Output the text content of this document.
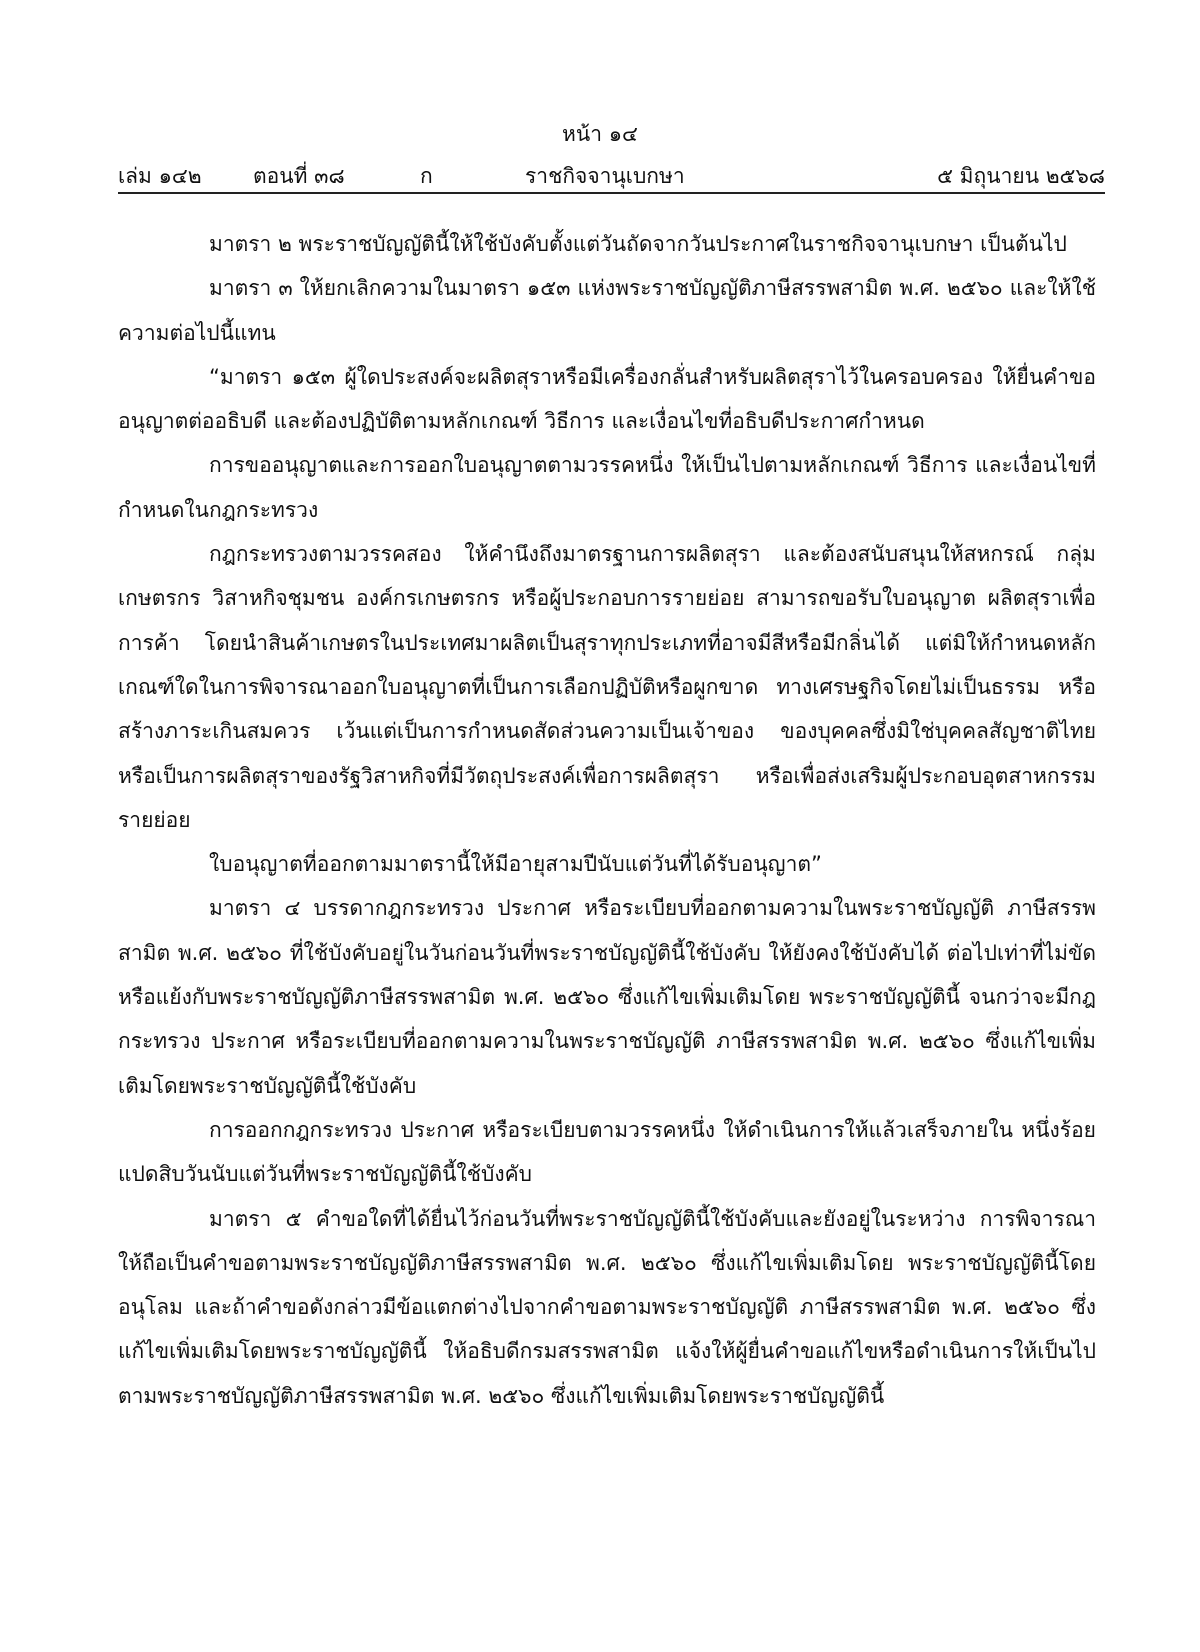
หน้า ๑๔
เล่ม ๑๔๒ ตอนที่ ๓๘	ก	ราชกิจจานุเบกษา	๕ มิถุนายน ๒๕๖๘

มาตรา ๒ พระราชบัญญัตินี้ให้ใช้บังคับตั้งแต่วันถัดจากวันประกาศในราชกิจจานุเบกษา เป็นต้นไป

มาตรา ๓ ให้ยกเลิกความในมาตรา ๑๕๓ แห่งพระราชบัญญัติภาษีสรรพสามิต พ.ศ. ๒๕๖๐ และให้ใช้ความต่อไปนี้แทน

“มาตรา ๑๕๓ ผู้ใดประสงค์จะผลิตสุราหรือมีเครื่องกลั่นสำหรับผลิตสุราไว้ในครอบครอง ให้ยื่นคำขออนุญาตต่ออธิบดี และต้องปฏิบัติตามหลักเกณฑ์ วิธีการ และเงื่อนไขที่อธิบดีประกาศกำหนด

การขออนุญาตและการออกใบอนุญาตตามวรรคหนึ่ง ให้เป็นไปตามหลักเกณฑ์ วิธีการ และเงื่อนไขที่กำหนดในกฎกระทรวง

กฎกระทรวงตามวรรคสอง ให้คำนึงถึงมาตรฐานการผลิตสุรา และต้องสนับสนุนให้สหกรณ์ กลุ่มเกษตรกร วิสาหกิจชุมชน องค์กรเกษตรกร หรือผู้ประกอบการรายย่อย สามารถขอรับใบอนุญาต ผลิตสุราเพื่อการค้า โดยนำสินค้าเกษตรในประเทศมาผลิตเป็นสุราทุกประเภทที่อาจมีสีหรือมีกลิ่นได้ แต่มิให้กำหนดหลักเกณฑ์ใดในการพิจารณาออกใบอนุญาตที่เป็นการเลือกปฏิบัติหรือผูกขาด ทางเศรษฐกิจโดยไม่เป็นธรรม หรือสร้างภาระเกินสมควร เว้นแต่เป็นการกำหนดสัดส่วนความเป็นเจ้าของ ของบุคคลซึ่งมิใช่บุคคลสัญชาติไทย หรือเป็นการผลิตสุราของรัฐวิสาหกิจที่มีวัตถุประสงค์เพื่อการผลิตสุรา หรือเพื่อส่งเสริมผู้ประกอบอุตสาหกรรมรายย่อย

ใบอนุญาตที่ออกตามมาตรานี้ให้มีอายุสามปีนับแต่วันที่ได้รับอนุญาต”

มาตรา ๔ บรรดากฎกระทรวง ประกาศ หรือระเบียบที่ออกตามความในพระราชบัญญัติ ภาษีสรรพสามิต พ.ศ. ๒๕๖๐ ที่ใช้บังคับอยู่ในวันก่อนวันที่พระราชบัญญัตินี้ใช้บังคับ ให้ยังคงใช้บังคับได้ ต่อไปเท่าที่ไม่ขัดหรือแย้งกับพระราชบัญญัติภาษีสรรพสามิต พ.ศ. ๒๕๖๐ ซึ่งแก้ไขเพิ่มเติมโดย พระราชบัญญัตินี้ จนกว่าจะมีกฎกระทรวง ประกาศ หรือระเบียบที่ออกตามความในพระราชบัญญัติ ภาษีสรรพสามิต พ.ศ. ๒๕๖๐ ซึ่งแก้ไขเพิ่มเติมโดยพระราชบัญญัตินี้ใช้บังคับ

การออกกฎกระทรวง ประกาศ หรือระเบียบตามวรรคหนึ่ง ให้ดำเนินการให้แล้วเสร็จภายใน หนึ่งร้อยแปดสิบวันนับแต่วันที่พระราชบัญญัตินี้ใช้บังคับ

มาตรา ๕ คำขอใดที่ได้ยื่นไว้ก่อนวันที่พระราชบัญญัตินี้ใช้บังคับและยังอยู่ในระหว่าง การพิจารณา ให้ถือเป็นคำขอตามพระราชบัญญัติภาษีสรรพสามิต พ.ศ. ๒๕๖๐ ซึ่งแก้ไขเพิ่มเติมโดย พระราชบัญญัตินี้โดยอนุโลม และถ้าคำขอดังกล่าวมีข้อแตกต่างไปจากคำขอตามพระราชบัญญัติ ภาษีสรรพสามิต พ.ศ. ๒๕๖๐ ซึ่งแก้ไขเพิ่มเติมโดยพระราชบัญญัตินี้ ให้อธิบดีกรมสรรพสามิต แจ้งให้ผู้ยื่นคำขอแก้ไขหรือดำเนินการให้เป็นไปตามพระราชบัญญัติภาษีสรรพสามิต พ.ศ. ๒๕๖๐ ซึ่งแก้ไขเพิ่มเติมโดยพระราชบัญญัตินี้
